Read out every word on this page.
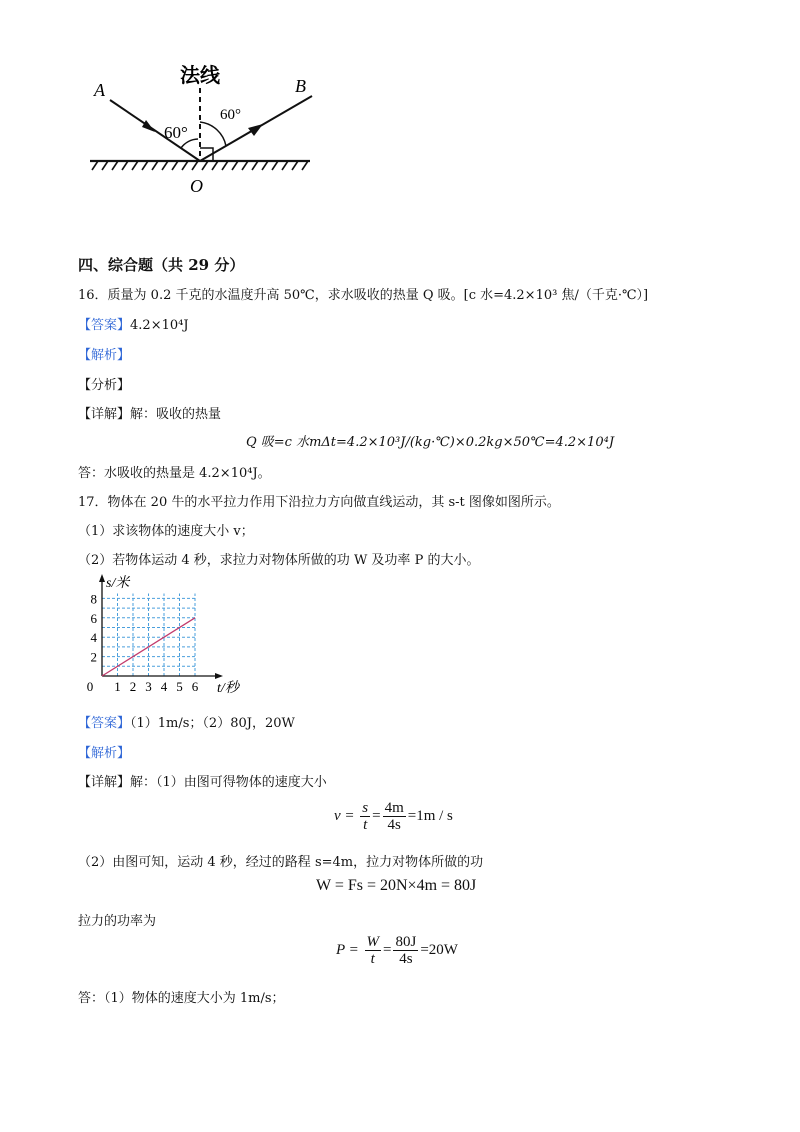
法线
A	B
O
60°
60°
四、综合题（共 29 分）
16．质量为 0.2 千克的水温度升高 50℃，求水吸收的热量 Q 吸。[c 水=4.2×10³ 焦/（千克·℃）]
【答案】4.2×10⁴J
【解析】
【分析】
【详解】解：吸收的热量
Q 吸=c 水mΔt=4.2×10³J/(kg·℃)×0.2kg×50℃=4.2×10⁴J
答：水吸收的热量是 4.2×10⁴J。
17．物体在 20 牛的水平拉力作用下沿拉力方向做直线运动，其 s-t 图像如图所示。
（1）求该物体的速度大小 v；
（2）若物体运动 4 秒，求拉力对物体所做的功 W 及功率 P 的大小。
1 2 3 4 5 6
2
4
6
8
0	t/秒
s/米
【答案】（1）1m/s；（2）80J，20W
【解析】
【详解】解：（1）由图可得物体的速度大小
$v = \frac{s}{t} = \frac{4m}{4s} =1m / s$
（2）由图可知，运动 4 秒，经过的路程 s=4m，拉力对物体所做的功
W = Fs = 20N×4m = 80J
拉力的功率为
$P = \frac{W}{t} = \frac{80J}{4s} =20W$
答：（1）物体的速度大小为 1m/s；
